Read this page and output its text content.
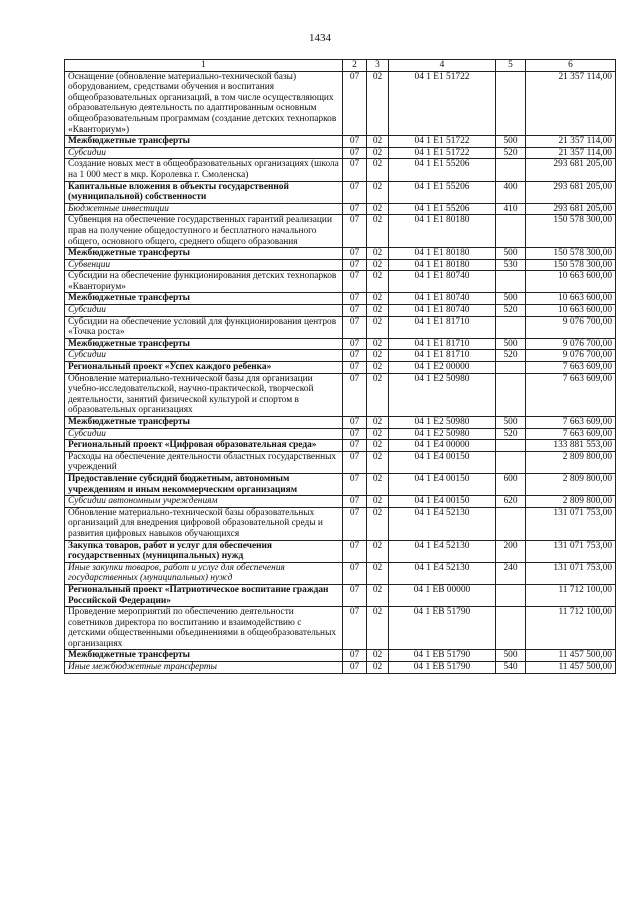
1434
1	2	3	4	5	6
Оснащение (обновление материально-технической базы) оборудованием, средствами обучения и воспитания общеобразовательных организаций, в том числе осуществляющих образовательную деятельность по адаптированным основным общеобразовательным программам (создание детских технопарков «Кванториум»)	07	02	04 1 E1 51722		21 357 114,00
Межбюджетные трансферты	07	02	04 1 E1 51722	500	21 357 114,00
Субсидии	07	02	04 1 E1 51722	520	21 357 114,00
Создание новых мест в общеобразовательных организациях (школа на 1 000 мест в мкр. Королевка г. Смоленска)	07	02	04 1 E1 55206		293 681 205,00
Капитальные вложения в объекты государственной (муниципальной) собственности	07	02	04 1 E1 55206	400	293 681 205,00
Бюджетные инвестиции	07	02	04 1 E1 55206	410	293 681 205,00
Субвенция на обеспечение государственных гарантий реализации прав на получение общедоступного и бесплатного начального общего, основного общего, среднего общего образования	07	02	04 1 E1 80180		150 578 300,00
Межбюджетные трансферты	07	02	04 1 E1 80180	500	150 578 300,00
Субвенции	07	02	04 1 E1 80180	530	150 578 300,00
Субсидии на обеспечение функционирования детских технопарков «Кванториум»	07	02	04 1 E1 80740		10 663 600,00
Межбюджетные трансферты	07	02	04 1 E1 80740	500	10 663 600,00
Субсидии	07	02	04 1 E1 80740	520	10 663 600,00
Субсидии на обеспечение условий для функционирования центров «Точка роста»	07	02	04 1 E1 81710		9 076 700,00
Межбюджетные трансферты	07	02	04 1 E1 81710	500	9 076 700,00
Субсидии	07	02	04 1 E1 81710	520	9 076 700,00
Региональный проект «Успех каждого ребенка»	07	02	04 1 E2 00000		7 663 609,00
Обновление материально-технической базы для организации учебно-исследовательской, научно-практической, творческой деятельности, занятий физической культурой и спортом в образовательных организациях	07	02	04 1 E2 50980		7 663 609,00
Межбюджетные трансферты	07	02	04 1 E2 50980	500	7 663 609,00
Субсидии	07	02	04 1 E2 50980	520	7 663 609,00
Региональный проект «Цифровая образовательная среда»	07	02	04 1 E4 00000		133 881 553,00
Расходы на обеспечение деятельности областных государственных учреждений	07	02	04 1 E4 00150		2 809 800,00
Предоставление субсидий бюджетным, автономным учреждениям и иным некоммерческим организациям	07	02	04 1 E4 00150	600	2 809 800,00
Субсидии автономным учреждениям	07	02	04 1 E4 00150	620	2 809 800,00
Обновление материально-технической базы образовательных организаций для внедрения цифровой образовательной среды и развития цифровых навыков обучающихся	07	02	04 1 E4 52130		131 071 753,00
Закупка товаров, работ и услуг для обеспечения государственных (муниципальных) нужд	07	02	04 1 E4 52130	200	131 071 753,00
Иные закупки товаров, работ и услуг для обеспечения государственных (муниципальных) нужд	07	02	04 1 E4 52130	240	131 071 753,00
Региональный проект «Патриотическое воспитание граждан Российской Федерации»	07	02	04 1 EB 00000		11 712 100,00
Проведение мероприятий по обеспечению деятельности советников директора по воспитанию и взаимодействию с детскими общественными объединениями в общеобразовательных организациях	07	02	04 1 EB 51790		11 712 100,00
Межбюджетные трансферты	07	02	04 1 EB 51790	500	11 457 500,00
Иные межбюджетные трансферты	07	02	04 1 EB 51790	540	11 457 500,00
